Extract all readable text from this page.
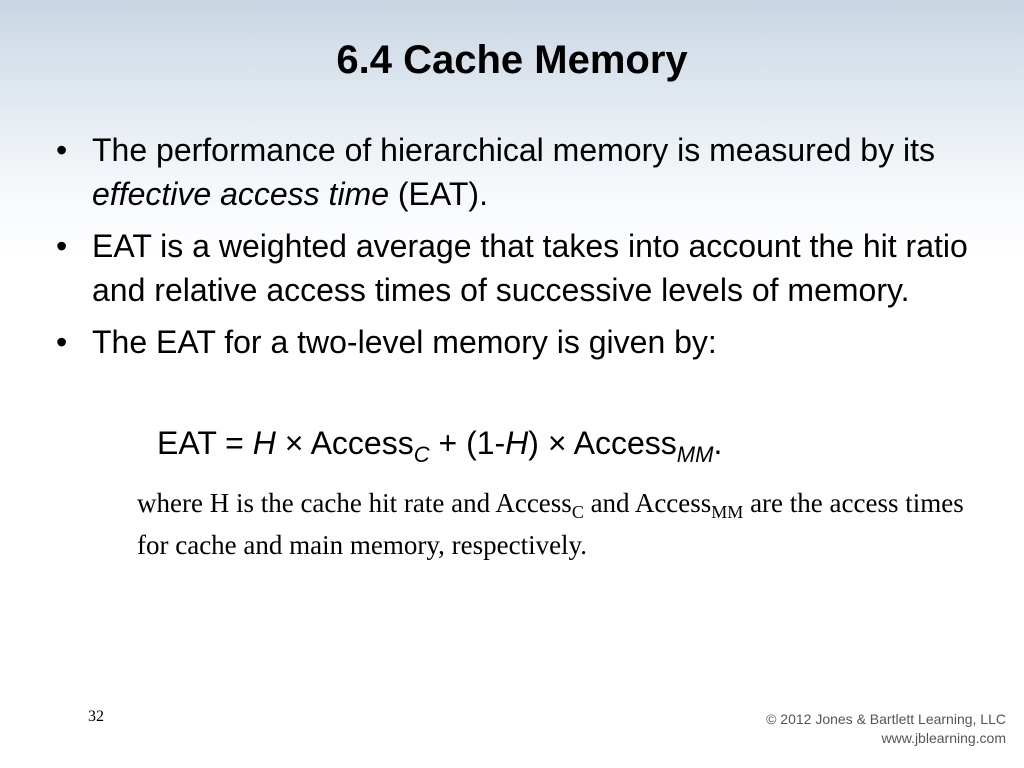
6.4 Cache Memory
• The performance of hierarchical memory is measured by its effective access time (EAT).
• EAT is a weighted average that takes into account the hit ratio and relative access times of successive levels of memory.
• The EAT for a two-level memory is given by:
EAT = H × Access$_C$ + (1-H) × Access$_{MM}$.
where H is the cache hit rate and Access$_C$ and Access$_{MM}$ are the access times for cache and main memory, respectively.
32	© 2012 Jones & Bartlett Learning, LLC
www.jblearning.com
